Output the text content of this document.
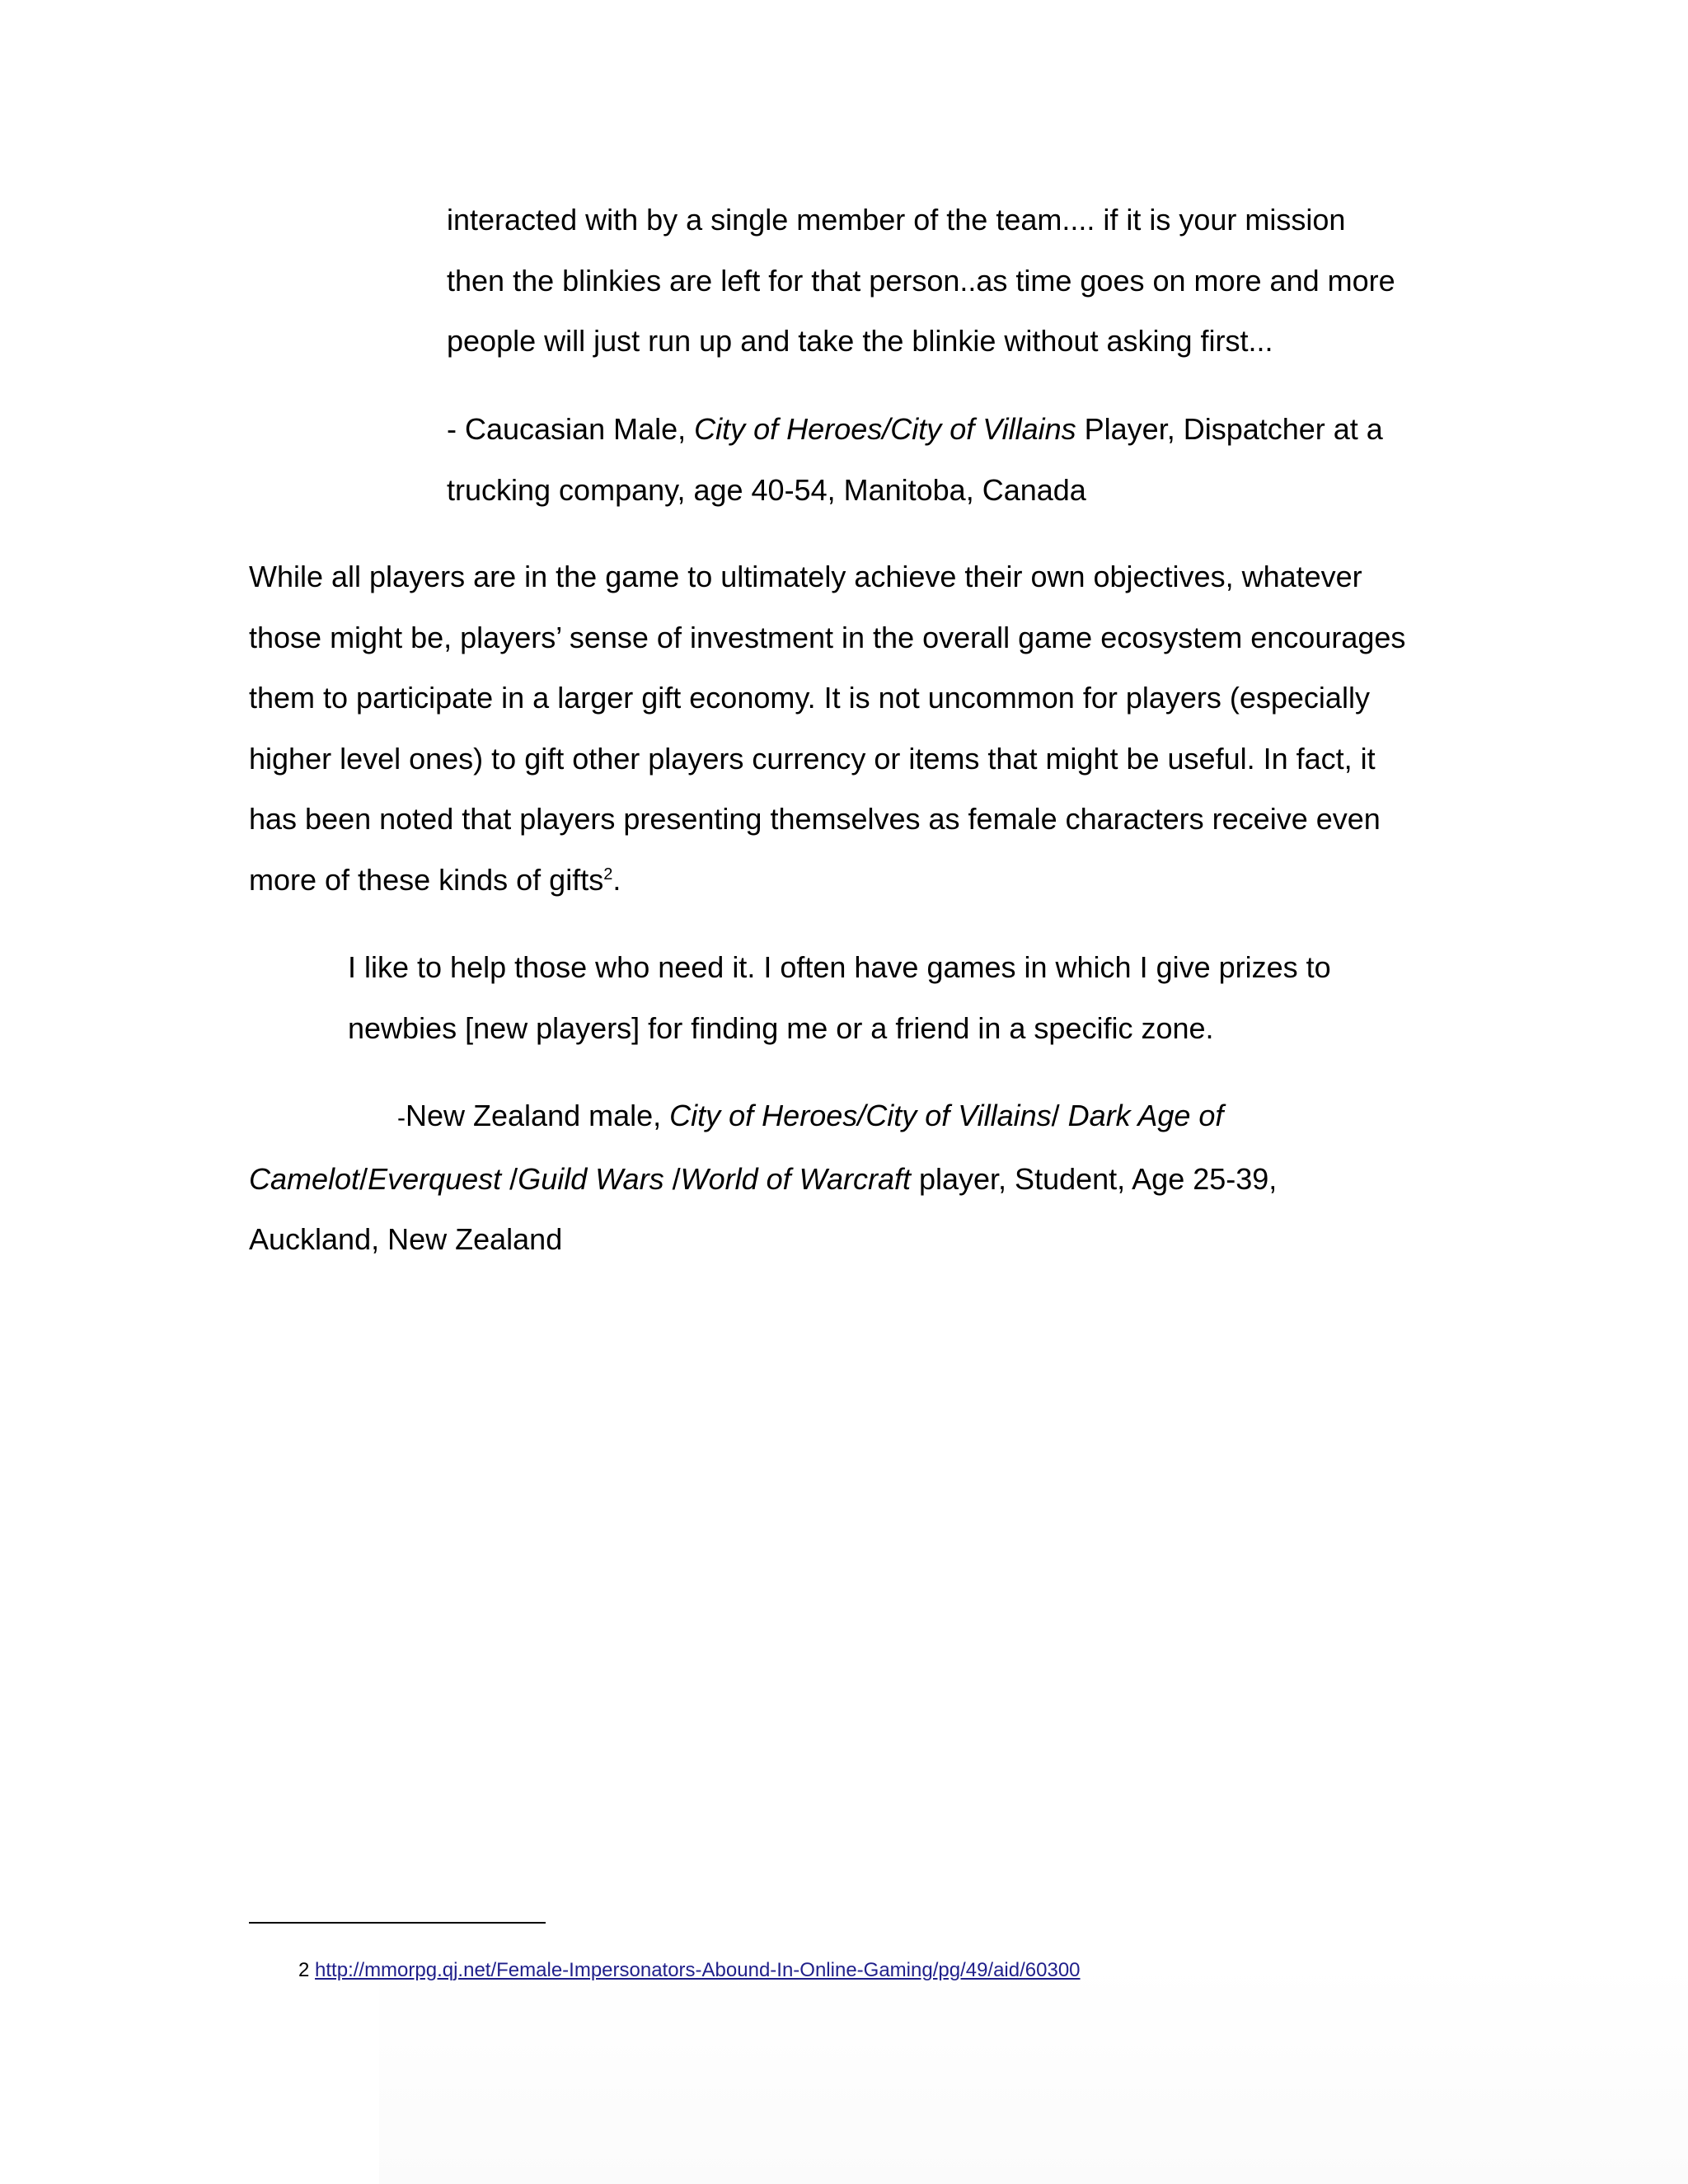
interacted with by a single member of the team.... if it is your mission
then the blinkies are left for that person..as time goes on more and more
people will just run up and take the blinkie without asking first...
- Caucasian Male, City of Heroes/City of Villains Player, Dispatcher at a
trucking company, age 40-54, Manitoba, Canada
While all players are in the game to ultimately achieve their own objectives, whatever
those might be, players’ sense of investment in the overall game ecosystem encourages
them to participate in a larger gift economy. It is not uncommon for players (especially
higher level ones) to gift other players currency or items that might be useful. In fact, it
has been noted that players presenting themselves as female characters receive even
more of these kinds of gifts$^2$.
I like to help those who need it. I often have games in which I give prizes to
newbies [new players] for finding me or a friend in a specific zone.
-New Zealand male, City of Heroes/City of Villains/ Dark Age of
Camelot/Everquest /Guild Wars /World of Warcraft player, Student, Age 25-39,
Auckland, New Zealand
2 http://mmorpg.qj.net/Female-Impersonators-Abound-In-Online-Gaming/pg/49/aid/60300
